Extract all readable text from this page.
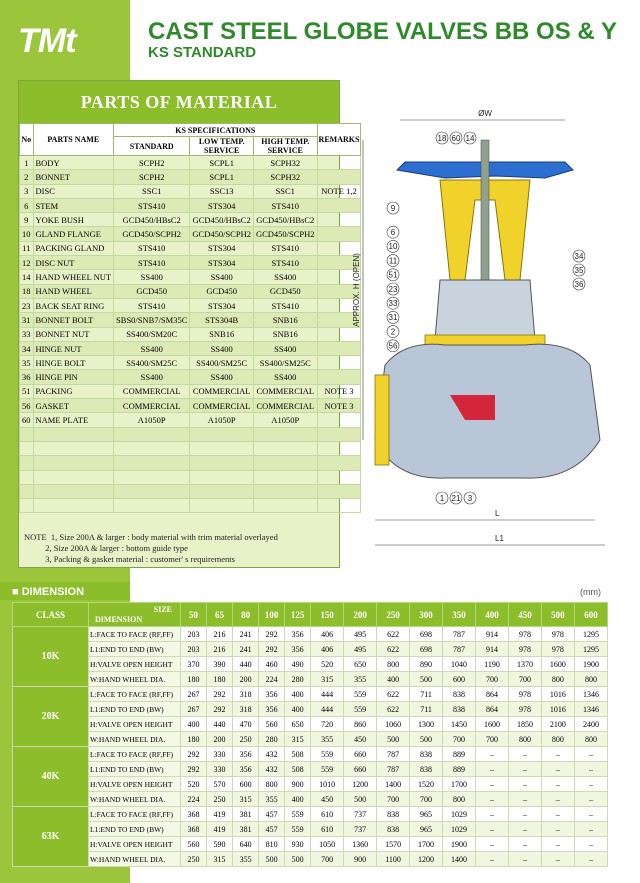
TMt	CAST STEEL GLOBE VALVES BB OS & Y
KS STANDARD
PARTS OF MATERIAL
No	PARTS NAME	KS SPECIFICATIONS			REMARKS
		STANDARD	LOW TEMP. SERVICE	HIGH TEMP. SERVICE	
1	BODY	SCPH2	SCPL1	SCPH32	
2	BONNET	SCPH2	SCPL1	SCPH32	
3	DISC	SSC1	SSC13	SSC1	NOTE 1,2
6	STEM	STS410	STS304	STS410	
9	YOKE BUSH	GCD450/HBsC2	GCD450/HBsC2	GCD450/HBsC2	
10	GLAND FLANGE	GCD450/SCPH2	GCD450/SCPH2	GCD450/SCPH2	
11	PACKING GLAND	STS410	STS304	STS410	
12	DISC NUT	STS410	STS304	STS410	
14	HAND WHEEL NUT	SS400	SS400	SS400	
18	HAND WHEEL	GCD450	GCD450	GCD450	
23	BACK SEAT RING	STS410	STS304	STS410	
31	BONNET BOLT	SBS0/SNB7/SM35C	STS304B	SNB16	
33	BONNET NUT	SS400/SM20C	SNB16	SNB16	
34	HINGE NUT	SS400	SS400	SS400	
35	HINGE BOLT	SS400/SM25C	SS400/SM25C	SS400/SM25C	
36	HINGE PIN	SS400	SS400	SS400	
51	PACKING	COMMERCIAL	COMMERCIAL	COMMERCIAL	NOTE 3
56	GASKET	COMMERCIAL	COMMERCIAL	COMMERCIAL	NOTE 3
60	NAME PLATE	A1050P	A1050P	A1050P	

NOTE  1, Size 200A & larger : body material with trim material overlayed
2, Size 200A & larger : bottom guide type
3, Packing & gasket material : customer' s requirements
ØW
APPROX. H (OPEN)
L
L1
18 60 14
9
6
10
11
51
23
33
31
2
56
34
35
36
1 21 3
■ DIMENSION	(mm)
CLASS	SIZE
DIMENSION	50	65	80	100	125	150	200	250	300	350	400	450	500	600
10K	L:FACE TO FACE (RF,FF)	203	216	241	292	356	406	495	622	698	787	914	978	978	1295
	L1:END TO END (BW)	203	216	241	292	356	406	495	622	698	787	914	978	978	1295
	H:VALVE OPEN HEIGHT	370	390	440	460	490	520	650	800	890	1040	1190	1370	1600	1900
	W:HAND WHEEL DIA.	180	180	200	224	280	315	355	400	500	600	700	700	800	800
20K	L:FACE TO FACE (RF,FF)	267	292	318	356	400	444	559	622	711	838	864	978	1016	1346
	L1:END TO END (BW)	267	292	318	356	400	444	559	622	711	838	864	978	1016	1346
	H:VALVE OPEN HEIGHT	400	440	470	560	650	720	860	1060	1300	1450	1600	1850	2100	2400
	W:HAND WHEEL DIA.	180	200	250	280	315	355	450	500	500	700	700	800	800	800
40K	L:FACE TO FACE (RF,FF)	292	330	356	432	508	559	660	787	838	889	–	–	–	–
	L1:END TO END (BW)	292	330	356	432	508	559	660	787	838	889	–	–	–	–
	H:VALVE OPEN HEIGHT	520	570	600	800	900	1010	1200	1400	1520	1700	–	–	–	–
	W:HAND WHEEL DIA.	224	250	315	355	400	450	500	700	700	800	–	–	–	–
63K	L:FACE TO FACE (RF,FF)	368	419	381	457	559	610	737	838	965	1029	–	–	–	–
	L1:END TO END (BW)	368	419	381	457	559	610	737	838	965	1029	–	–	–	–
	H:VALVE OPEN HEIGHT	560	590	640	810	930	1050	1360	1570	1700	1900	–	–	–	–
	W:HAND WHEEL DIA.	250	315	355	500	500	700	900	1100	1200	1400	–	–	–	–
